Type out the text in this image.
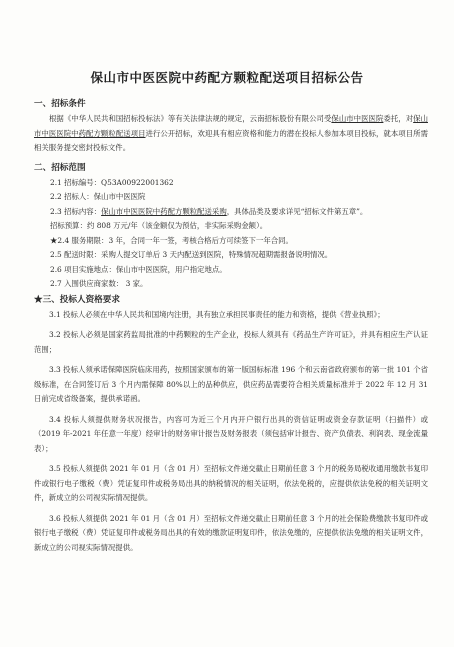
保山市中医医院中药配方颗粒配送项目招标公告
一、招标条件

根据《中华人民共和国招标投标法》等有关法律法规的规定，云南招标股份有限公司受保山市中医医院委托，对保山市中医医院中药配方颗粒配送项目进行公开招标，欢迎具有相应资格和能力的潜在投标人参加本项目投标，就本项目所需相关服务提交密封投标文件。

二、招标范围

2.1 招标编号：Q53A00922001362

2.2 招标人：保山市中医医院

2.3 招标内容：保山市中医医院中药配方颗粒配送采购，具体品类及要求详见“招标文件第五章”。

招标预算：约 808 万元/年（该金额仅为预估，非实际采购金额）。

★2.4 服务期限：3 年，合同一年一签，考核合格后方可续签下一年合同。

2.5 配送时限：采购人提交订单后 3 天内配送到医院，特殊情况超期需报备说明情况。

2.6 项目实施地点：保山市中医医院，用户指定地点。

2.7 入围供应商家数： 3 家。

★三、投标人资格要求

3.1 投标人必须在中华人民共和国境内注册，具有独立承担民事责任的能力和资格，提供《营业执照》；

3.2 投标人必须是国家药监局批准的中药颗粒的生产企业，投标人须具有《药品生产许可证》，并具有相应生产认证范围；

3.3 投标人须承诺保障医院临床用药，按照国家颁布的第一版国标标准 196 个和云南省政府颁布的第一批 101 个省级标准，在合同签订后 3 个月内需保障 80%以上的品种供应，供应药品需要符合相关质量标准并于 2022 年 12 月 31 日前完成省级备案，提供承诺函。

3.4 投标人须提供财务状况报告，内容可为近三个月内开户银行出具的资信证明或资金存款证明（扫描件）或（2019 年-2021 年任意一年度）经审计的财务审计报告及财务报表（须包括审计报告、资产负债表、利润表、现金流量表）；

3.5 投标人须提供 2021 年 01 月（含 01 月）至招标文件递交截止日期前任意 3 个月的税务局税收通用缴款书复印件或银行电子缴税（费）凭证复印件或税务局出具的纳税情况的相关证明，依法免税的，应提供依法免税的相关证明文件，新成立的公司视实际情况提供。

3.6 投标人须提供 2021 年 01 月（含 01 月）至招标文件递交截止日期前任意 3 个月的社会保险费缴款书复印件或银行电子缴税（费）凭证复印件或税务局出具的有效的缴款证明复印件，依法免缴的，应提供依法免缴的相关证明文件，新成立的公司视实际情况提供。
